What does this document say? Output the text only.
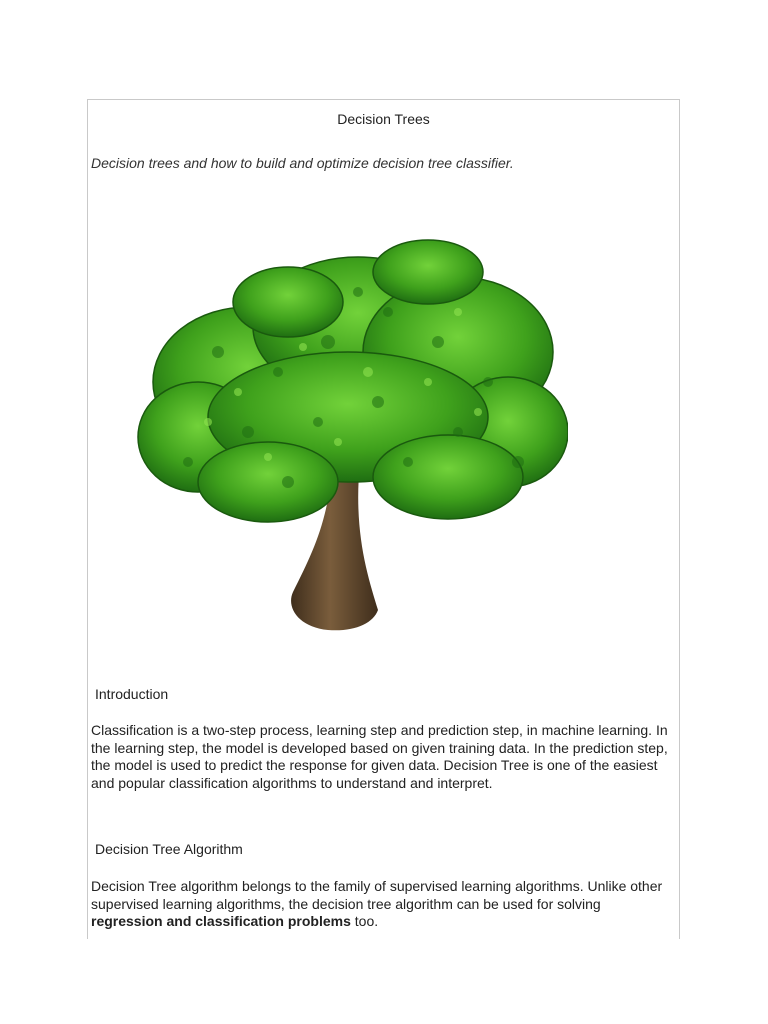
Decision Trees
Decision trees and how to build and optimize decision tree classifier.
Introduction
Classification is a two-step process, learning step and prediction step, in machine learning. In the learning step, the model is developed based on given training data. In the prediction step, the model is used to predict the response for given data. Decision Tree is one of the easiest and popular classification algorithms to understand and interpret.
Decision Tree Algorithm
Decision Tree algorithm belongs to the family of supervised learning algorithms. Unlike other supervised learning algorithms, the decision tree algorithm can be used for solving regression and classification problems too.
